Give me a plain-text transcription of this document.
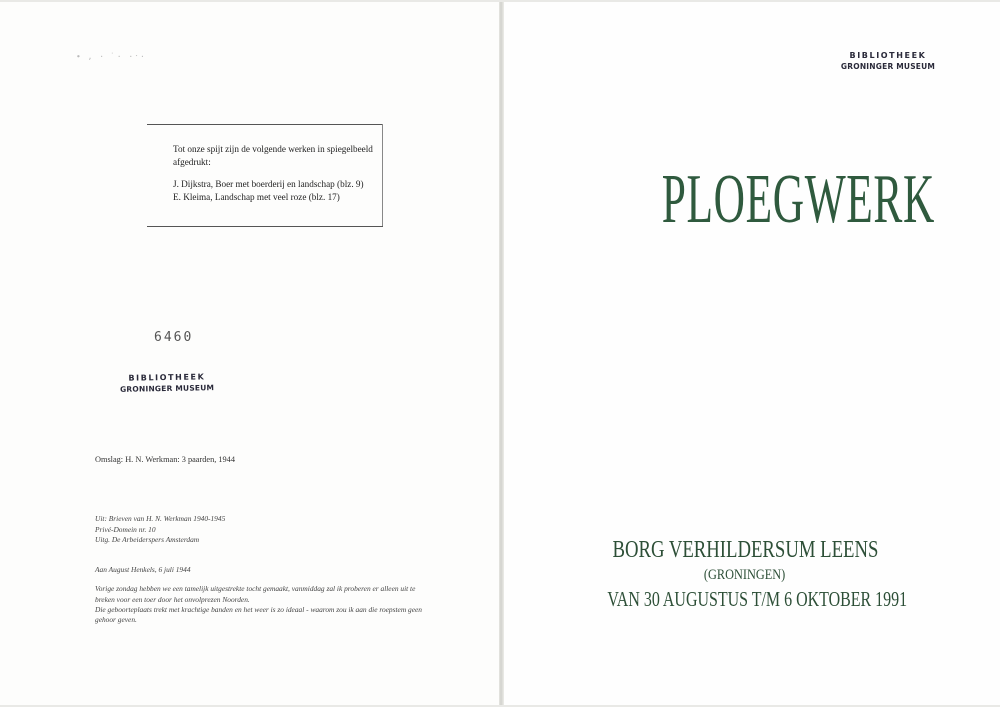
∙ , · ̇ · ·ˑ·
Tot onze spijt zijn de volgende werken in spiegelbeeld afgedrukt:
J. Dijkstra, Boer met boerderij en landschap (blz. 9)
E. Kleima, Landschap met veel roze (blz. 17)
6460
BIBLIOTHEEK
GRONINGER MUSEUM
Omslag: H. N. Werkman: 3 paarden, 1944
Uit: Brieven van H. N. Werkman 1940-1945
Privé-Domein nr. 10
Uitg. De Arbeiderspers Amsterdam
Aan August Henkels, 6 juli 1944
Vorige zondag hebben we een tamelijk uitgestrekte tocht gemaakt, vanmiddag zal ik proberen er alleen uit te
breken voor een toer door het onvolprezen Noorden.
Die geboorteplaats trekt met krachtige banden en het weer is zo ideaal - waarom zou ik aan die roepstem geen
gehoor geven.
BIBLIOTHEEK
GRONINGER MUSEUM
PLOEGWERK
BORG VERHILDERSUM LEENS
(GRONINGEN)
VAN 30 AUGUSTUS T/M 6 OKTOBER 1991
